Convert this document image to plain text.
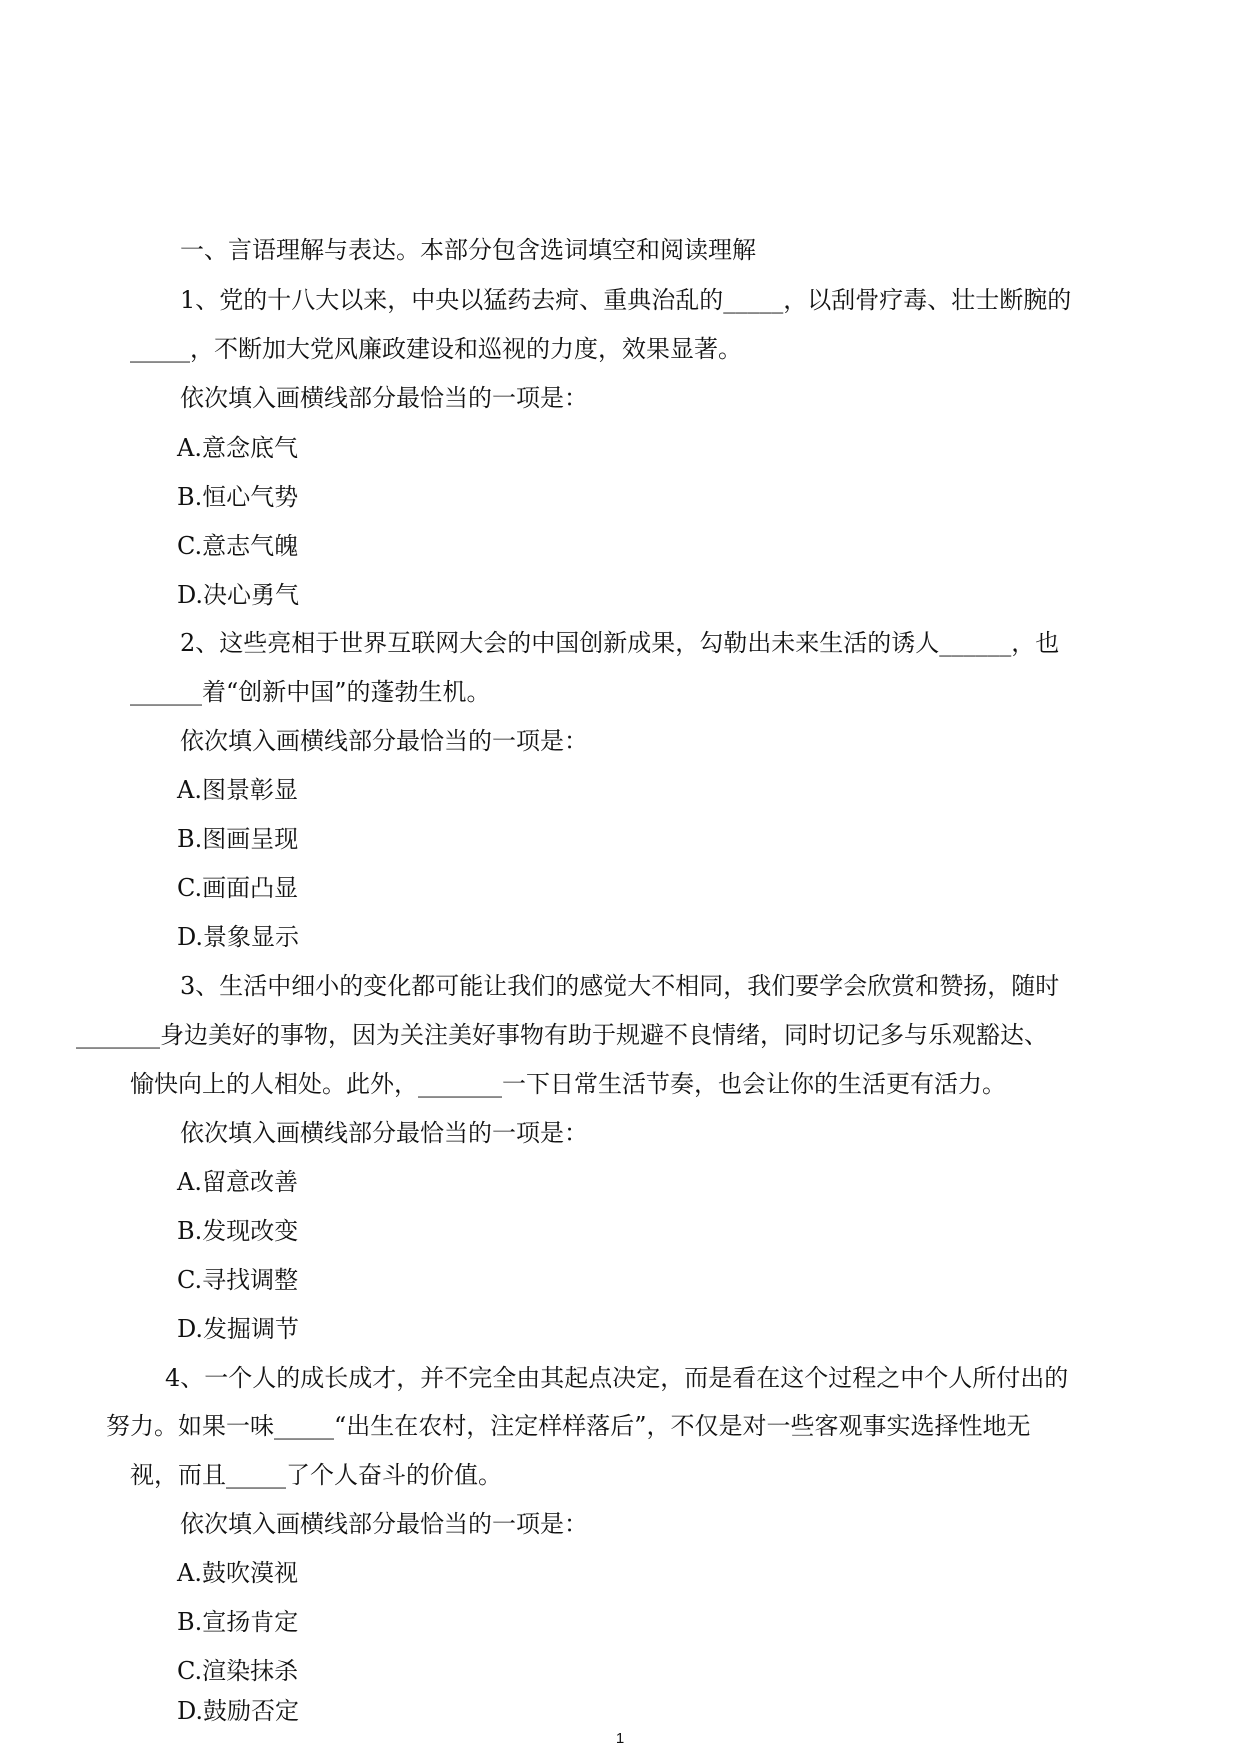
一、言语理解与表达。本部分包含选词填空和阅读理解

1、党的十八大以来，中央以猛药去疴、重典治乱的_____，以刮骨疗毒、壮士断腕的

_____，不断加大党风廉政建设和巡视的力度，效果显著。

依次填入画横线部分最恰当的一项是：

A.意念底气

B.恒心气势

C.意志气魄

D.决心勇气

2、这些亮相于世界互联网大会的中国创新成果，勾勒出未来生活的诱人______，也

______着“创新中国”的蓬勃生机。

依次填入画横线部分最恰当的一项是：

A.图景彰显

B.图画呈现

C.画面凸显

D.景象显示

3、生活中细小的变化都可能让我们的感觉大不相同，我们要学会欣赏和赞扬，随时

_______身边美好的事物，因为关注美好事物有助于规避不良情绪，同时切记多与乐观豁达、

愉快向上的人相处。此外，_______一下日常生活节奏，也会让你的生活更有活力。

依次填入画横线部分最恰当的一项是：

A.留意改善

B.发现改变

C.寻找调整

D.发掘调节

4、一个人的成长成才，并不完全由其起点决定，而是看在这个过程之中个人所付出的

努力。如果一味_____“出生在农村，注定样样落后”，不仅是对一些客观事实选择性地无

视，而且_____了个人奋斗的价值。

依次填入画横线部分最恰当的一项是：

A.鼓吹漠视

B.宣扬肯定

C.渲染抹杀

D.鼓励否定

1
